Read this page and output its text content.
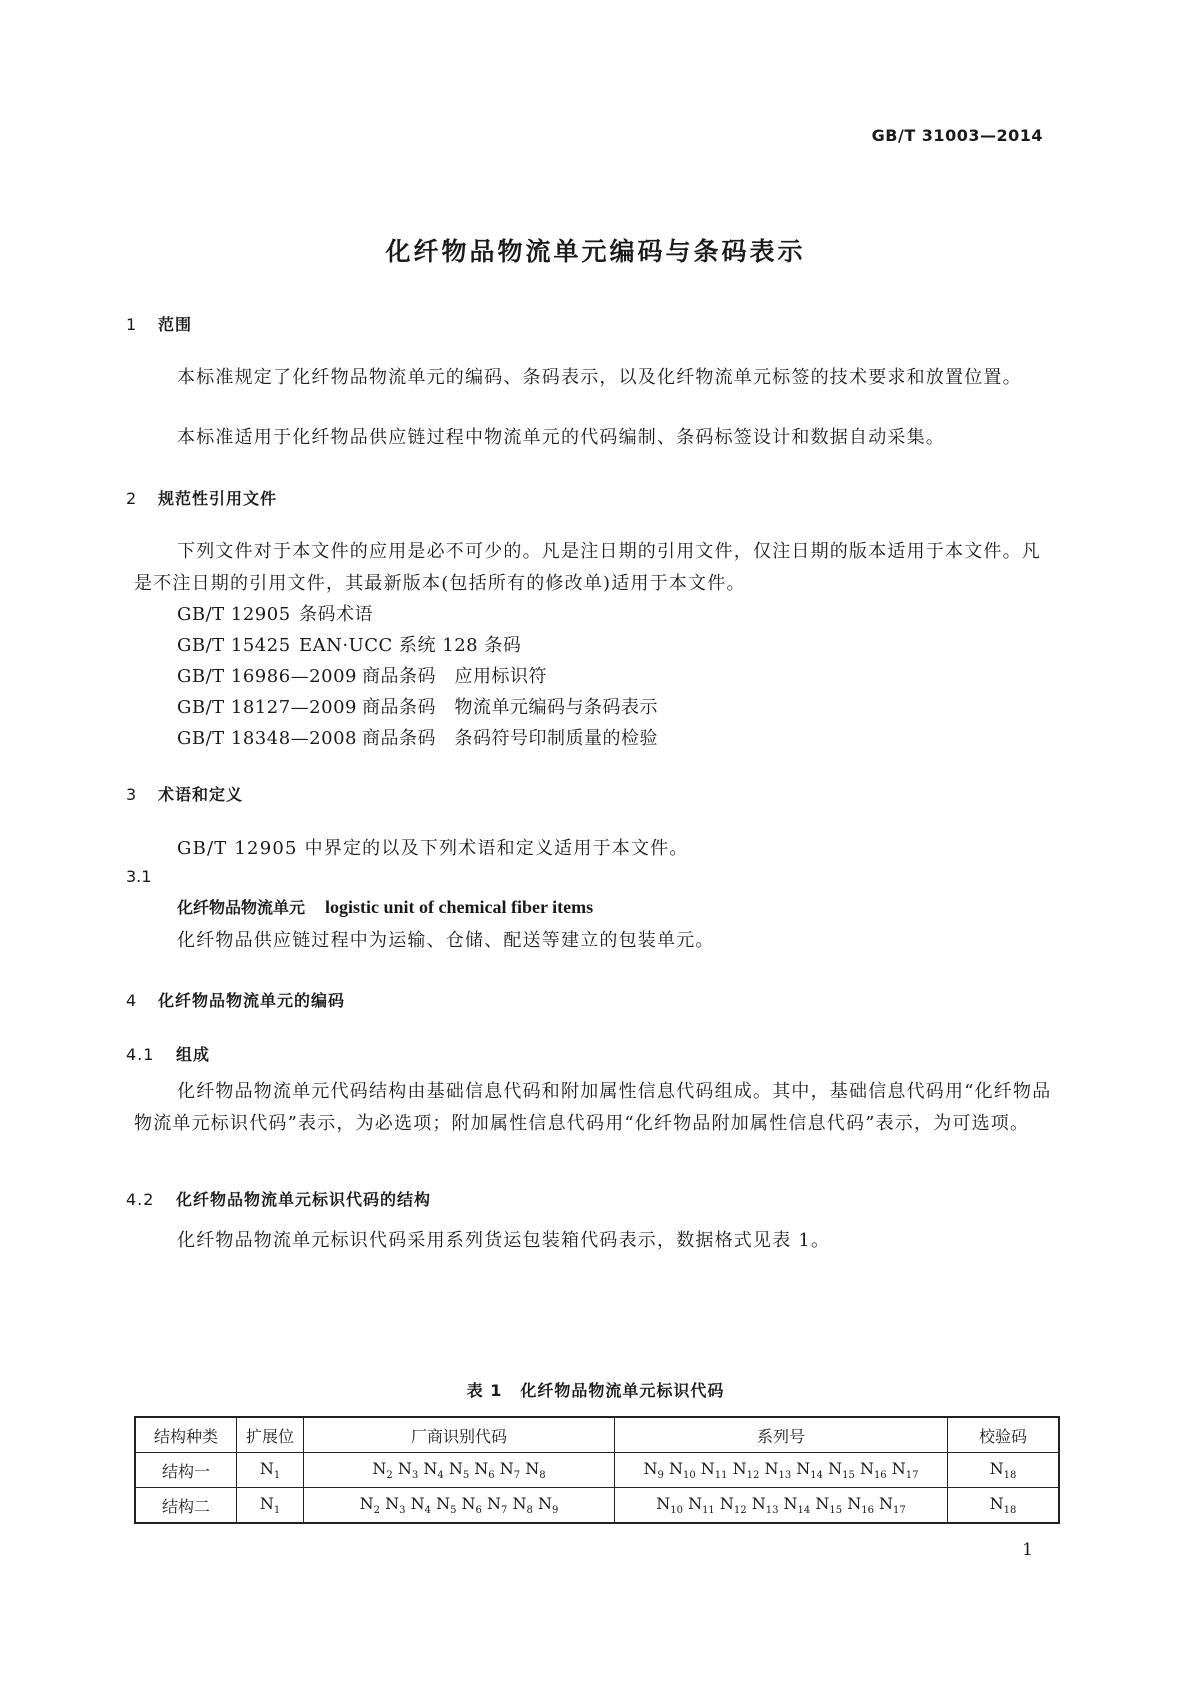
GB/T 31003—2014
化纤物品物流单元编码与条码表示
1 范围
本标准规定了化纤物品物流单元的编码、条码表示，以及化纤物流单元标签的技术要求和放置位置。
本标准适用于化纤物品供应链过程中物流单元的代码编制、条码标签设计和数据自动采集。
2 规范性引用文件
下列文件对于本文件的应用是必不可少的。凡是注日期的引用文件，仅注日期的版本适用于本文件。凡是不注日期的引用文件，其最新版本(包括所有的修改单)适用于本文件。
GB/T 12905 条码术语
GB/T 15425 EAN·UCC 系统 128 条码
GB/T 16986—2009 商品条码　应用标识符
GB/T 18127—2009 商品条码　物流单元编码与条码表示
GB/T 18348—2008 商品条码　条码符号印制质量的检验
3 术语和定义
GB/T 12905 中界定的以及下列术语和定义适用于本文件。
3.1
化纤物品物流单元 logistic unit of chemical fiber items
化纤物品供应链过程中为运输、仓储、配送等建立的包装单元。
4 化纤物品物流单元的编码
4.1 组成
化纤物品物流单元代码结构由基础信息代码和附加属性信息代码组成。其中，基础信息代码用“化纤物品物流单元标识代码”表示，为必选项；附加属性信息代码用“化纤物品附加属性信息代码”表示，为可选项。
4.2 化纤物品物流单元标识代码的结构
化纤物品物流单元标识代码采用系列货运包装箱代码表示，数据格式见表 1。
表 1 化纤物品物流单元标识代码
结构种类	扩展位	厂商识别代码	系列号	校验码
结构一	$N_1$	$N_2$ $N_3$ $N_4$ $N_5$ $N_6$ $N_7$ $N_8$	$N_9$ $N_{10}$ $N_{11}$ $N_{12}$ $N_{13}$ $N_{14}$ $N_{15}$ $N_{16}$ $N_{17}$	$N_{18}$
结构二	$N_1$	$N_2$ $N_3$ $N_4$ $N_5$ $N_6$ $N_7$ $N_8$ $N_9$	$N_{10}$ $N_{11}$ $N_{12}$ $N_{13}$ $N_{14}$ $N_{15}$ $N_{16}$ $N_{17}$	$N_{18}$
1
